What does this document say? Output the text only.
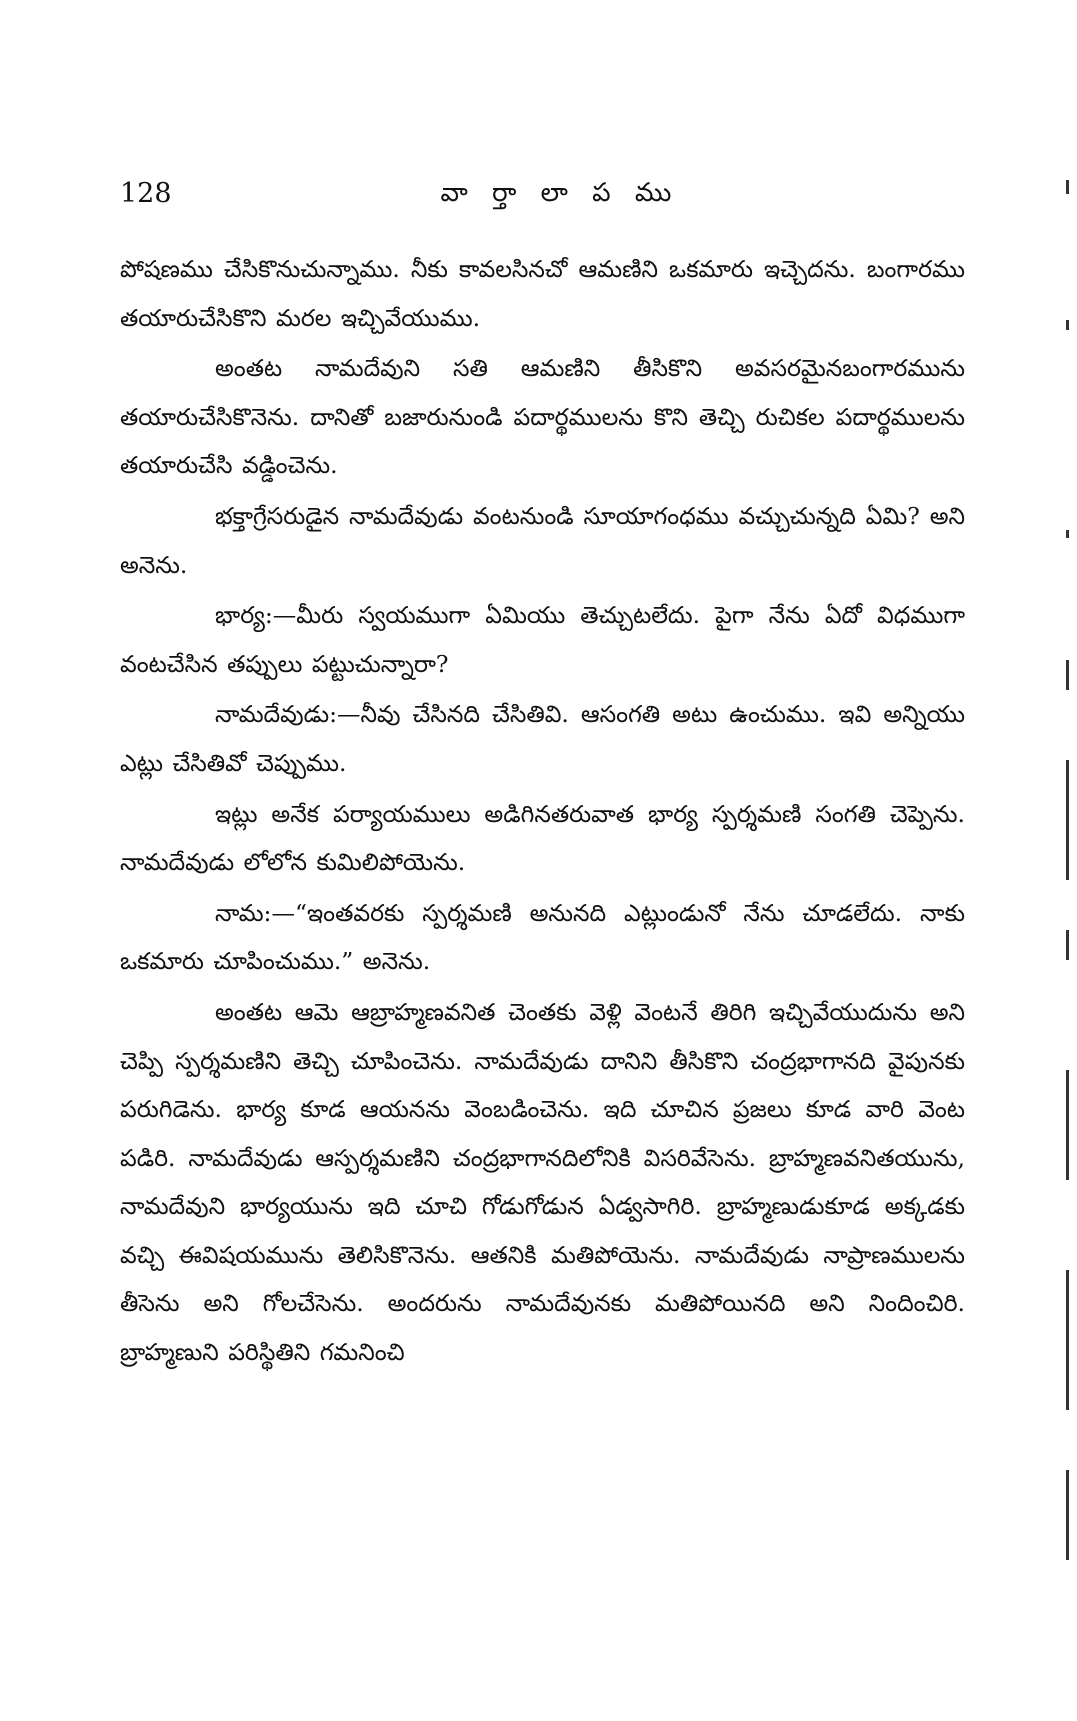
128	వా ర్తా లా ప ము

పోషణము చేసికొనుచున్నాము. నీకు కావలసినచో ఆమణిని ఒకమారు ఇచ్చెదను. బంగారము తయారుచేసికొని మరల ఇచ్చివేయుము.

అంతట నామదేవుని సతి ఆమణిని తీసికొని అవసరమైనబంగారమును తయారుచేసికొనెను. దానితో బజారునుండి పదార్థములను కొని తెచ్చి రుచికల పదార్థములను తయారుచేసి వడ్డించెను.

భక్తాగ్రేసరుడైన నామదేవుడు వంటనుండి సూయాగంధము వచ్చుచున్నది ఏమి? అని అనెను.

భార్య:—మీరు స్వయముగా ఏమియు తెచ్చుటలేదు. పైగా నేను ఏదో విధముగా వంటచేసిన తప్పులు పట్టుచున్నారా?

నామదేవుడు:—నీవు చేసినది చేసితివి. ఆసంగతి అటు ఉంచుము. ఇవి అన్నియు ఎట్లు చేసితివో చెప్పుము.

ఇట్లు అనేక పర్యాయములు అడిగినతరువాత భార్య స్పర్శమణి సంగతి చెప్పెను. నామదేవుడు లోలోన కుమిలిపోయెను.

నామ:—“ఇంతవరకు స్పర్శమణి అనునది ఎట్లుండునో నేను చూడలేదు. నాకు ఒకమారు చూపించుము.” అనెను.

అంతట ఆమె ఆబ్రాహ్మణవనిత చెంతకు వెళ్లి వెంటనే తిరిగి ఇచ్చివేయుదును అని చెప్పి స్పర్శమణిని తెచ్చి చూపించెను. నామదేవుడు దానిని తీసికొని చంద్రభాగానది వైపునకు పరుగిడెను. భార్య కూడ ఆయనను వెంబడించెను. ఇది చూచిన ప్రజలు కూడ వారి వెంట పడిరి. నామదేవుడు ఆస్పర్శమణిని చంద్రభాగానదిలోనికి విసరివేసెను. బ్రాహ్మణవనితయును, నామదేవుని భార్యయును ఇది చూచి గోడుగోడున ఏడ్వసాగిరి. బ్రాహ్మణుడుకూడ అక్కడకు వచ్చి ఈవిషయమును తెలిసికొనెను. ఆతనికి మతిపోయెను. నామదేవుడు నాప్రాణములను తీసెను అని గోలచేసెను. అందరును నామదేవునకు మతిపోయినది అని నిందించిరి. బ్రాహ్మణుని పరిస్థితిని గమనించి
